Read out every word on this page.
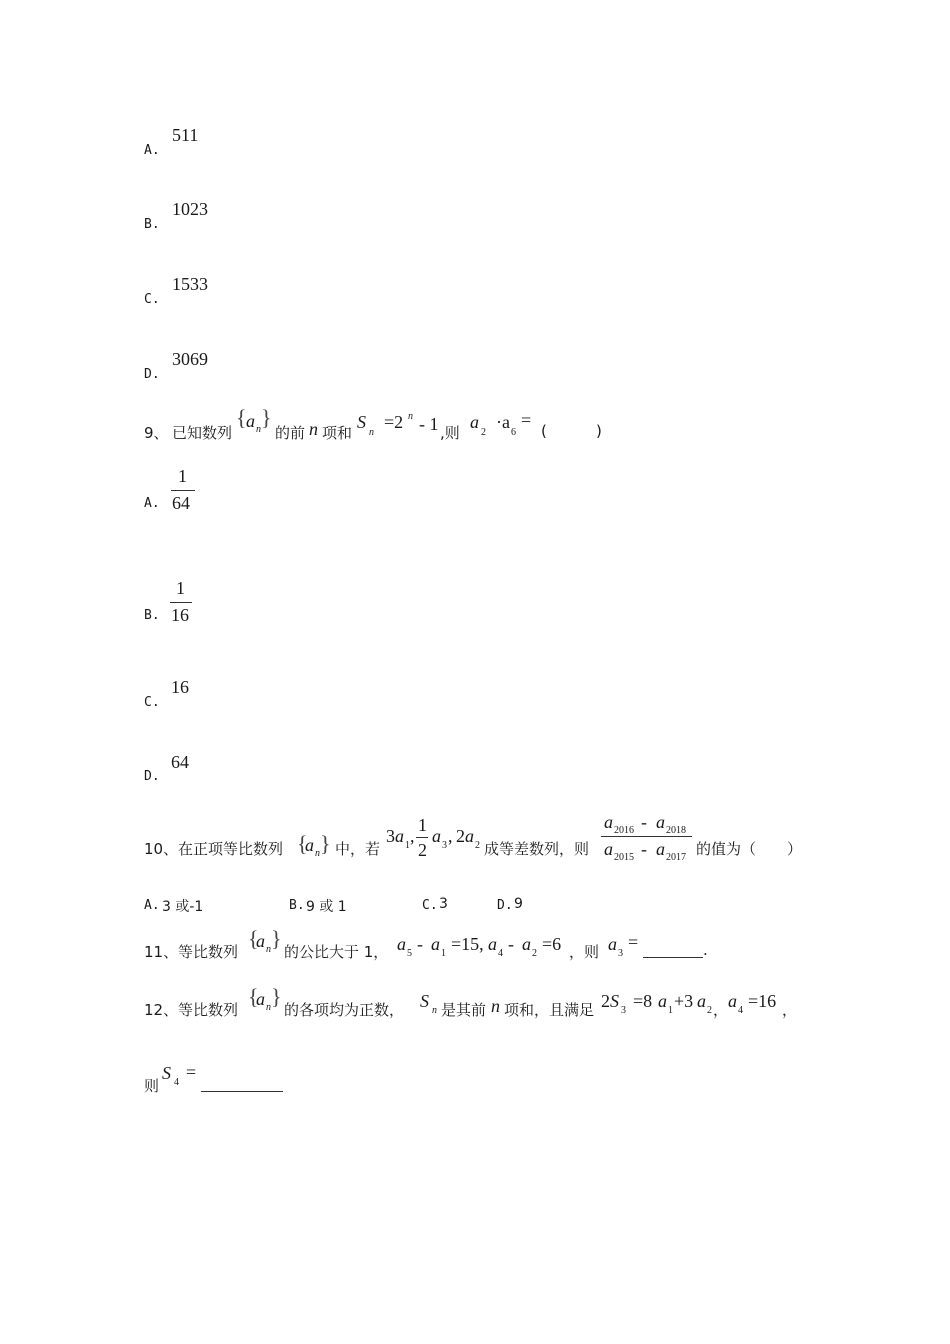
A.
511
B.
1023
C.
1533
D.
3069
9、 已知数列
{ a n }
的前 n 项和
S
n
=2 n - 1 ,则
a
2
·a
6
=
(	)
A.
1
64
B.
1
16
C.
16
D.
64
10、 在正项等比数列 {
a n } 中，若
3 a 1 ,
1
2
a 3 , 2 a 2 成等差数列，则
a 2016 - a 2018
a 2015 - a 2017 的值为（ ）
A. 3 或-1	B. 9 或 1	C. 3	D. 9
11、 等比数列
{
a n }
的公比大于 1， a 5 - a 1 =15, a 4 - a 2 =6 ，则 a 3
=	.
12、 等比数列
{
a n }
的各项均为正数， S n 是其前 n 项和，且满足 2 S 3 =8 a 1 +3 a 2 ， a 4 =16 ，
则
S 4
=
